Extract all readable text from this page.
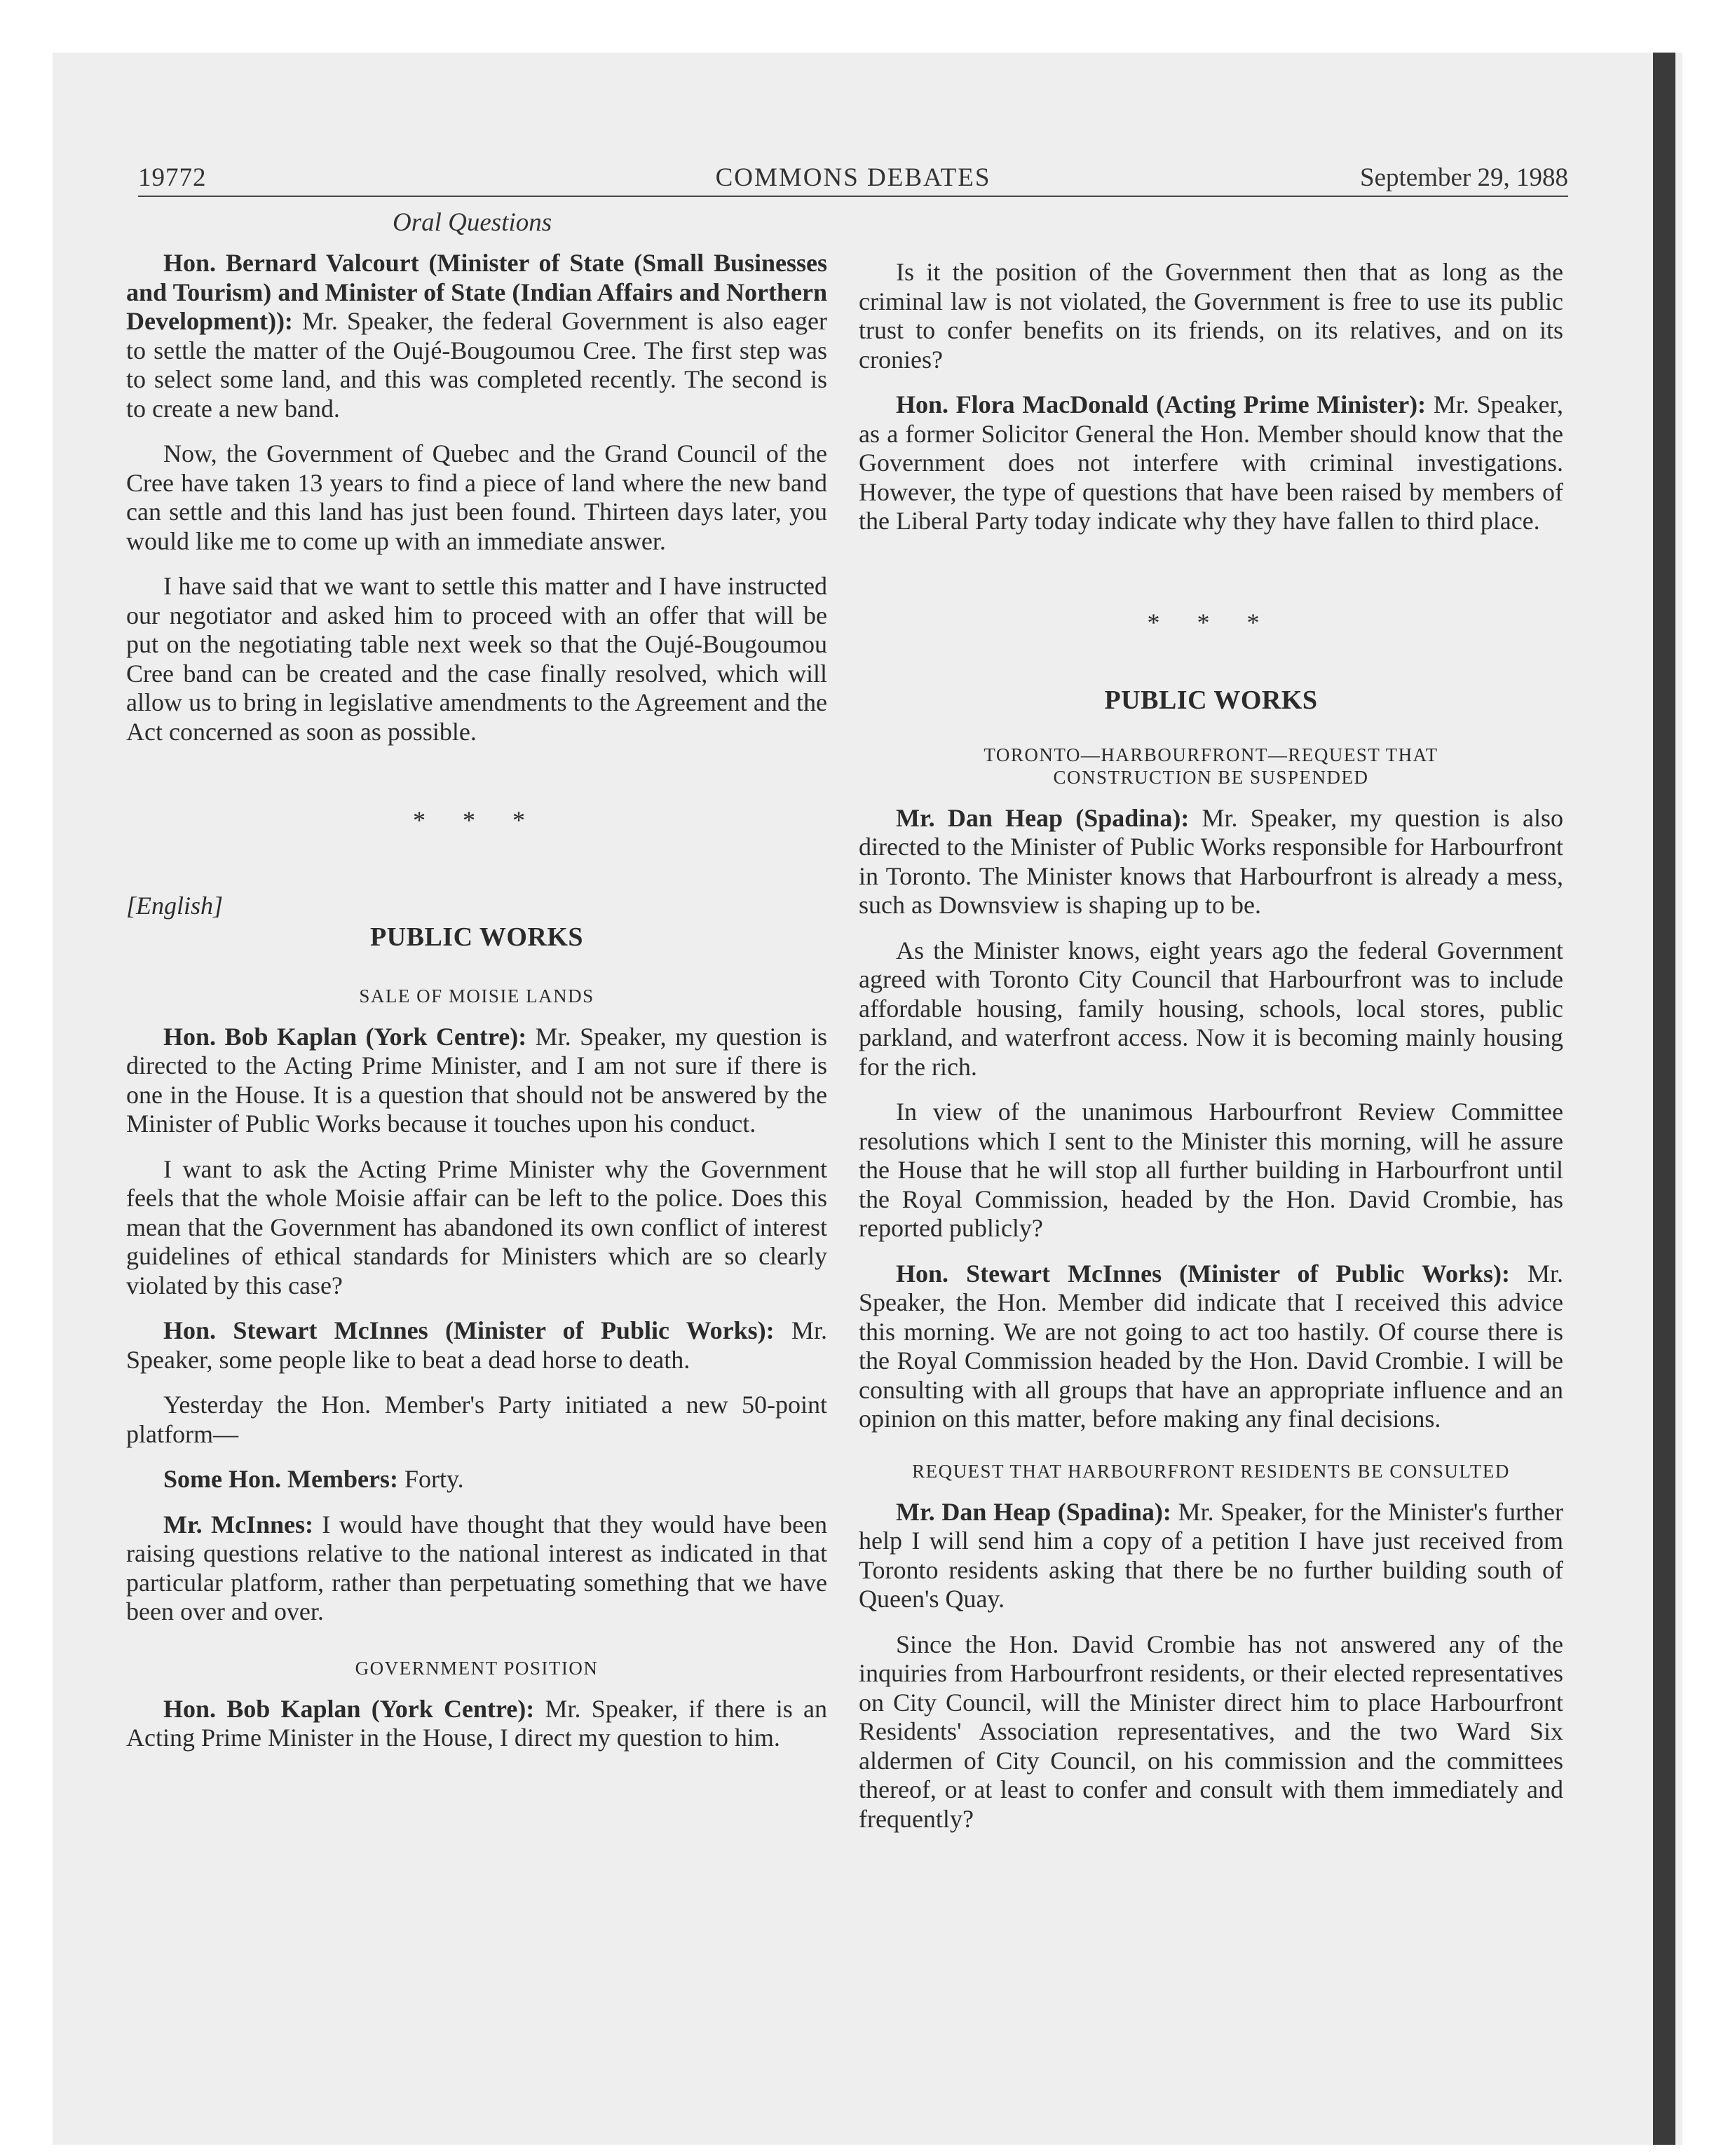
19772	COMMONS DEBATES	September 29, 1988
Oral Questions

Hon. Bernard Valcourt (Minister of State (Small Businesses and Tourism) and Minister of State (Indian Affairs and Northern Development)): Mr. Speaker, the federal Government is also eager to settle the matter of the Oujé-Bougoumou Cree. The first step was to select some land, and this was completed recently. The second is to create a new band.

Now, the Government of Quebec and the Grand Council of the Cree have taken 13 years to find a piece of land where the new band can settle and this land has just been found. Thirteen days later, you would like me to come up with an immediate answer.

I have said that we want to settle this matter and I have instructed our negotiator and asked him to proceed with an offer that will be put on the negotiating table next week so that the Oujé-Bougoumou Cree band can be created and the case finally resolved, which will allow us to bring in legislative amendments to the Agreement and the Act concerned as soon as possible.

* * *
[English]
PUBLIC WORKS
SALE OF MOISIE LANDS

Hon. Bob Kaplan (York Centre): Mr. Speaker, my question is directed to the Acting Prime Minister, and I am not sure if there is one in the House. It is a question that should not be answered by the Minister of Public Works because it touches upon his conduct.

I want to ask the Acting Prime Minister why the Government feels that the whole Moisie affair can be left to the police. Does this mean that the Government has abandoned its own conflict of interest guidelines of ethical standards for Ministers which are so clearly violated by this case?

Hon. Stewart McInnes (Minister of Public Works): Mr. Speaker, some people like to beat a dead horse to death.

Yesterday the Hon. Member's Party initiated a new 50-point platform—

Some Hon. Members: Forty.

Mr. McInnes: I would have thought that they would have been raising questions relative to the national interest as indicated in that particular platform, rather than perpetuating something that we have been over and over.

GOVERNMENT POSITION

Hon. Bob Kaplan (York Centre): Mr. Speaker, if there is an Acting Prime Minister in the House, I direct my question to him.

Is it the position of the Government then that as long as the criminal law is not violated, the Government is free to use its public trust to confer benefits on its friends, on its relatives, and on its cronies?

Hon. Flora MacDonald (Acting Prime Minister): Mr. Speaker, as a former Solicitor General the Hon. Member should know that the Government does not interfere with criminal investigations. However, the type of questions that have been raised by members of the Liberal Party today indicate why they have fallen to third place.

* * *
PUBLIC WORKS
TORONTO—HARBOURFRONT—REQUEST THAT CONSTRUCTION BE SUSPENDED

Mr. Dan Heap (Spadina): Mr. Speaker, my question is also directed to the Minister of Public Works responsible for Harbourfront in Toronto. The Minister knows that Harbourfront is already a mess, such as Downsview is shaping up to be.

As the Minister knows, eight years ago the federal Government agreed with Toronto City Council that Harbourfront was to include affordable housing, family housing, schools, local stores, public parkland, and waterfront access. Now it is becoming mainly housing for the rich.

In view of the unanimous Harbourfront Review Committee resolutions which I sent to the Minister this morning, will he assure the House that he will stop all further building in Harbourfront until the Royal Commission, headed by the Hon. David Crombie, has reported publicly?

Hon. Stewart McInnes (Minister of Public Works): Mr. Speaker, the Hon. Member did indicate that I received this advice this morning. We are not going to act too hastily. Of course there is the Royal Commission headed by the Hon. David Crombie. I will be consulting with all groups that have an appropriate influence and an opinion on this matter, before making any final decisions.

REQUEST THAT HARBOURFRONT RESIDENTS BE CONSULTED

Mr. Dan Heap (Spadina): Mr. Speaker, for the Minister's further help I will send him a copy of a petition I have just received from Toronto residents asking that there be no further building south of Queen's Quay.

Since the Hon. David Crombie has not answered any of the inquiries from Harbourfront residents, or their elected representatives on City Council, will the Minister direct him to place Harbourfront Residents' Association representatives, and the two Ward Six aldermen of City Council, on his commission and the committees thereof, or at least to confer and consult with them immediately and frequently?
